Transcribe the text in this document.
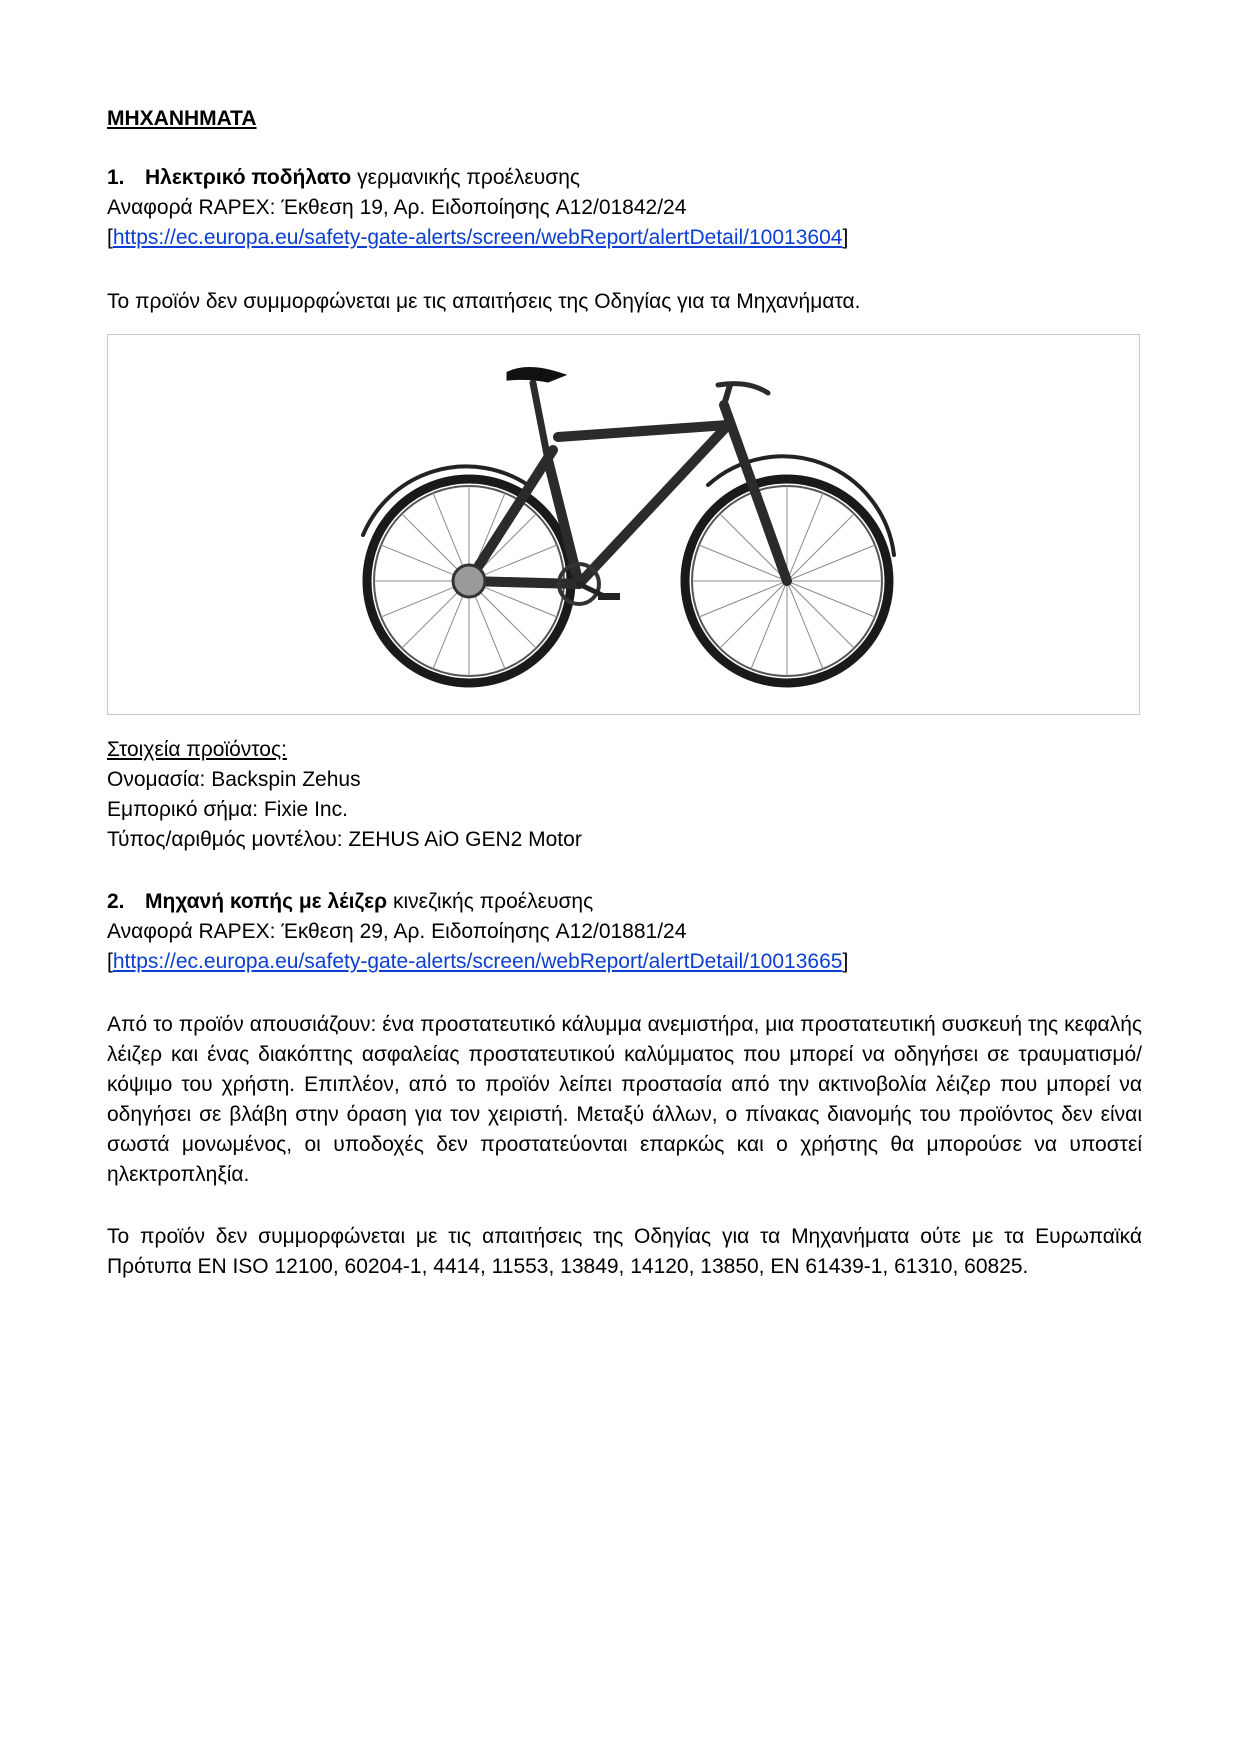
ΜΗΧΑΝΗΜΑΤΑ

1. Ηλεκτρικό ποδήλατο γερμανικής προέλευσης

Αναφορά RAPEX: Έκθεση 19, Αρ. Ειδοποίησης A12/01842/24

[https://ec.europa.eu/safety-gate-alerts/screen/webReport/alertDetail/10013604]

Το προϊόν δεν συμμορφώνεται με τις απαιτήσεις της Οδηγίας για τα Μηχανήματα.

Στοιχεία προϊόντος:

Ονομασία: Backspin Zehus

Εμπορικό σήμα: Fixie Inc.

Τύπος/αριθμός μοντέλου: ZEHUS AiO GEN2 Motor

2. Μηχανή κοπής με λέιζερ κινεζικής προέλευσης

Αναφορά RAPEX: Έκθεση 29, Αρ. Ειδοποίησης A12/01881/24

[https://ec.europa.eu/safety-gate-alerts/screen/webReport/alertDetail/10013665]

Από το προϊόν απουσιάζουν: ένα προστατευτικό κάλυμμα ανεμιστήρα, μια προστατευτική συσκευή της κεφαλής λέιζερ και ένας διακόπτης ασφαλείας προστατευτικού καλύμματος που μπορεί να οδηγήσει σε τραυματισμό/κόψιμο του χρήστη. Επιπλέον, από το προϊόν λείπει προστασία από την ακτινοβολία λέιζερ που μπορεί να οδηγήσει σε βλάβη στην όραση για τον χειριστή. Μεταξύ άλλων, ο πίνακας διανομής του προϊόντος δεν είναι σωστά μονωμένος, οι υποδοχές δεν προστατεύονται επαρκώς και ο χρήστης θα μπορούσε να υποστεί ηλεκτροπληξία.

Το προϊόν δεν συμμορφώνεται με τις απαιτήσεις της Οδηγίας για τα Μηχανήματα ούτε με τα Ευρωπαϊκά Πρότυπα EN ISO 12100, 60204-1, 4414, 11553, 13849, 14120, 13850, EN 61439-1, 61310, 60825.
